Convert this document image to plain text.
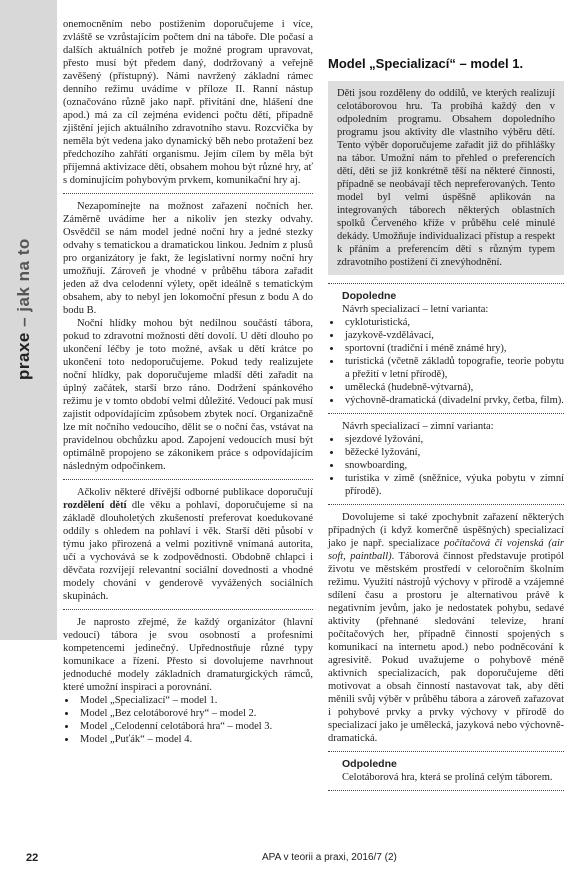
praxe – jak na to

onemocněním nebo postižením doporučujeme i více, zvláště se vzrůstajícím počtem dní na táboře. Dle počasí a dalších aktuálních potřeb je možné program upravovat, přesto musí být předem daný, dodržovaný a veřejně zavěšený (přístupný). Námi navržený základní rámec denního režimu uvádíme v příloze II. Ranní nástup (označováno různě jako např. přivítání dne, hlášení dne apod.) má za cíl zejména evidenci počtu dětí, případně zjištění jejich aktuálního zdravotního stavu. Rozcvička by neměla být vedena jako dynamický běh nebo protažení bez předchozího zahřátí organismu. Jejím cílem by měla být příjemná aktivizace dětí, obsahem mohou být různé hry, ať s dominujícím pohybovým prvkem, komunikační hry aj.

Nezapomínejte na možnost zařazení nočních her. Záměrně uvádíme her a nikoliv jen stezky odvahy. Osvědčil se nám model jedné noční hry a jedné stezky odvahy s tematickou a dramatickou linkou. Jedním z plusů pro organizátory je fakt, že legislativní normy noční hry umožňují. Zároveň je vhodné v průběhu tábora zařadit jeden až dva celodenní výlety, opět ideálně s tematickým obsahem, aby to nebyl jen lokomoční přesun z bodu A do bodu B.

Noční hlídky mohou být nedílnou součástí tábora, pokud to zdravotní možnosti dětí dovolí. U dětí dlouho po ukončení léčby je toto možné, avšak u dětí krátce po ukončení toto nedoporučujeme. Pokud tedy realizujete noční hlídky, pak doporučujeme mladší děti zařadit na úplný začátek, starší brzo ráno. Dodržení spánkového režimu je v tomto období velmi důležité. Vedoucí pak musí zajistit odpovídajícím způsobem zbytek nocí. Organizačně lze mít nočního vedoucího, dělit se o noční čas, vstávat na pravidelnou obchůzku apod. Zapojení vedoucích musí být optimálně propojeno se zákonikem práce s odpovídajícím následným odpočinkem.

Ačkoliv některé dřívější odborné publikace doporučují rozdělení dětí dle věku a pohlaví, doporučujeme si na základě dlouholetých zkušeností preferovat koedukované oddíly s ohledem na pohlaví i věk. Starší děti působí v týmu jako přirozená a velmi pozitivně vnímaná autorita, učí a vychovává se k zodpovědnosti. Obdobně chlapci i děvčata rozvíjejí relevantní sociální dovednosti a vhodné modely chování v genderově vyvážených sociálních skupinách.

Je naprosto zřejmé, že každý organizátor (hlavní vedoucí) tábora je svou osobností a profesními kompetencemi jedinečný. Upřednostňuje různé typy komunikace a řízení. Přesto si dovolujeme navrhnout jednoduché modely základních dramaturgických rámců, které umožní inspiraci a porovnání.

• Model „Specializací“ – model 1.
• Model „Bez celotáborové hry“ – model 2.
• Model „Celodenní celotáborá hra“ – model 3.
• Model „Puťák“ – model 4.
Model „Specializací“ – model 1.

Děti jsou rozděleny do oddílů, ve kterých realizují celotáborovou hru. Ta probíhá každý den v odpoledním programu. Obsahem dopoledního programu jsou aktivity dle vlastního výběru dětí. Tento výběr doporučujeme zařadit již do přihlášky na tábor. Umožní nám to přehled o preferencích dětí, děti se již konkrétně těší na některé činnosti, případně se neobávají těch nepreferovaných. Tento model byl velmi úspěšně aplikován na integrovaných táborech některých oblastních spolků Červeného kříže v průběhu celé minulé dekády. Umožňuje individualizaci přístup a respekt k přáním a preferencím dětí s různým typem zdravotního postižení či znevýhodnění.

Dopoledne

Návrh specializací – letní varianta:

• cykloturistická,
• jazykově-vzdělávací,
• sportovní (tradiční i méně známé hry),
• turistická (včetně základů topografie, teorie pobytu a přežití v letní přírodě),
• umělecká (hudebně-výtvarná),
• výchovně-dramatická (divadelní prvky, četba, film).

Návrh specializací – zimní varianta:

• sjezdové lyžování,
• běžecké lyžování,
• snowboarding,
• turistika v zimě (sněžnice, výuka pobytu v zimní přírodě).

Dovolujeme si také zpochybnit zařazení některých případných (i když komerčně úspěšných) specializací jako je např. specializace počítačová či vojenská (air soft, paintball). Táborová činnost představuje protipól životu ve městském prostředí v celoročním školním režimu. Využití nástrojů výchovy v přírodě a vzájemné sdílení času a prostoru je alternativou právě k negativním jevům, jako je nedostatek pohybu, sedavé aktivity (přehnané sledování televize, hraní počítačových her, případně činností spojených s komunikací na internetu apod.) nebo podněcování k agresivitě. Pokud uvažujeme o pohybově méně aktivních specializacích, pak doporučujeme děti motivovat a obsah činností nastavovat tak, aby děti měnili svůj výběr v průběhu tábora a zároveň zařazovat i pohybové prvky a prvky výchovy v přírodě do specializací jako je umělecká, jazyková nebo výchovně-dramatická.

Odpoledne

Celotáborová hra, která se prolíná celým táborem.

22	APA v teorii a praxi, 2016/7 (2)
